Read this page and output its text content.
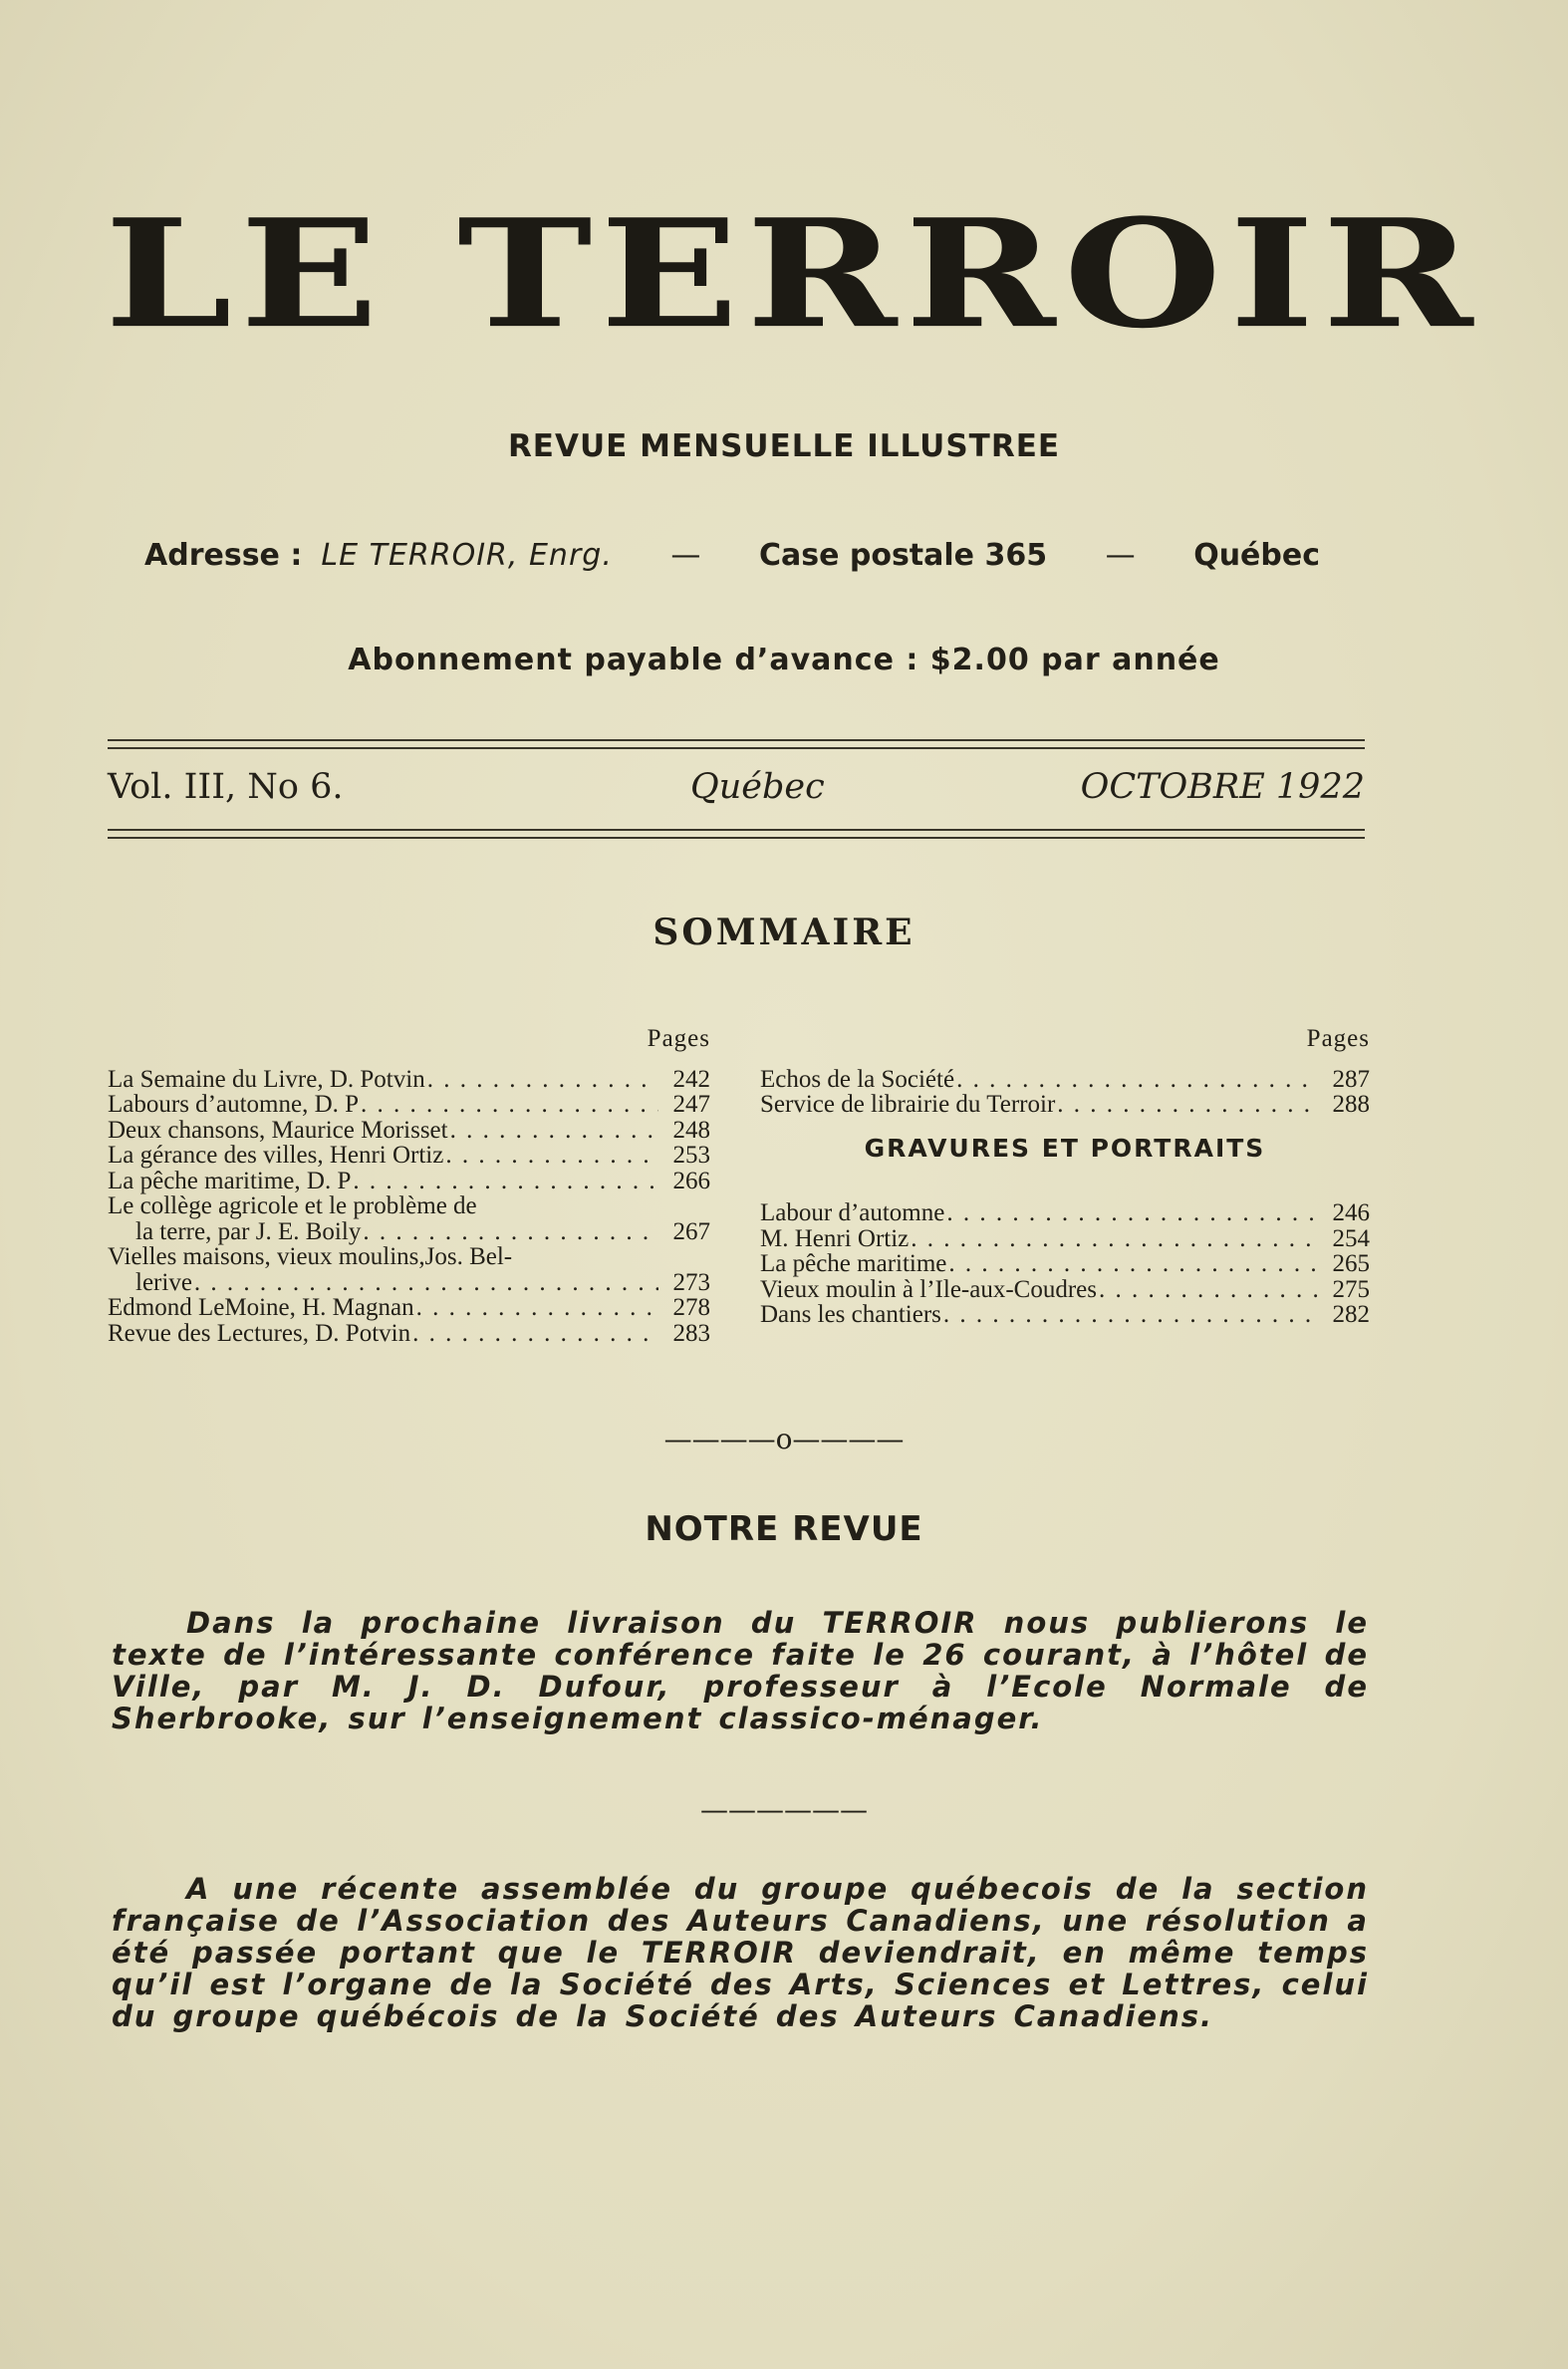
LE TERROIR
REVUE MENSUELLE ILLUSTREE
Adresse : LE TERROIR, Enrg. — Case postale 365 — Québec
Abonnement payable d’avance : $2.00 par année
Vol. III, No 6.	Québec	OCTOBRE 1922
SOMMAIRE
Pages
La Semaine du Livre, D. Potvin . . .	242
Labours d’automne, D. P . . .	247
Deux chansons, Maurice Morisset . . .	248
La gérance des villes, Henri Ortiz . . .	253
La pêche maritime, D. P . . .	266
Le collège agricole et le problème de
la terre, par J. E. Boily . . .	267
Vielles maisons, vieux moulins,Jos. Bel-
lerive . . .	273
Edmond LeMoine, H. Magnan . . .	278
Revue des Lectures, D. Potvin . . .	283
Pages
Echos de la Société . . .	287
Service de librairie du Terroir . . .	288
GRAVURES ET PORTRAITS
Labour d’automne . . .	246
M. Henri Ortiz . . .	254
La pêche maritime . . .	265
Vieux moulin à l’Ile-aux-Coudres . . .	275
Dans les chantiers . . .	282
————o————
NOTRE REVUE
Dans la prochaine livraison du TERROIR nous publierons le texte de l’intéressante conférence faite le 26 courant, à l’hôtel de Ville, par M. J. D. Dufour, professeur à l’Ecole Normale de Sherbrooke, sur l’enseignement classico-ménager.
——————
A une récente assemblée du groupe québecois de la section française de l’Association des Auteurs Canadiens, une résolution a été passée portant que le TERROIR deviendrait, en même temps qu’il est l’organe de la Société des Arts, Sciences et Lettres, celui du groupe québécois de la Société des Auteurs Canadiens.
